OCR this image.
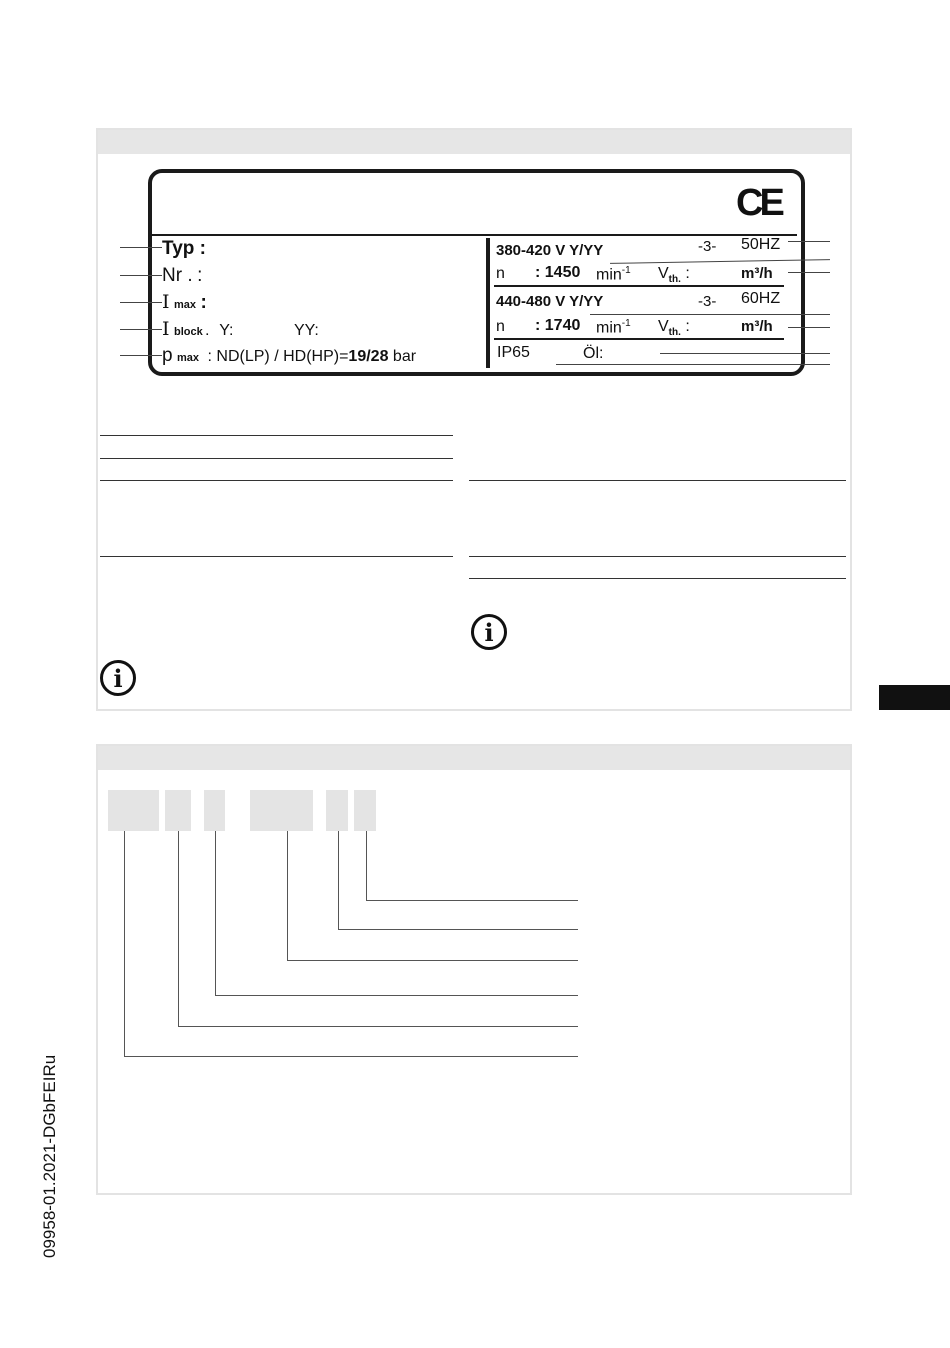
CE
Typ :
Nr . :
I max :
I block . Y:	YY:
p max : ND(LP) / HD(HP)=19/28 bar
380-420 V Y/YY	-3- 50HZ
n : 1450 $\min^{-1} V_{th.}$ :	m³/h
440-480 V Y/YY	-3- 60HZ
n : 1740 $\min^{-1} V_{th.}$ :	m³/h
IP65	Öl:
i
i
09958-01.2021-DGbFEIRu
